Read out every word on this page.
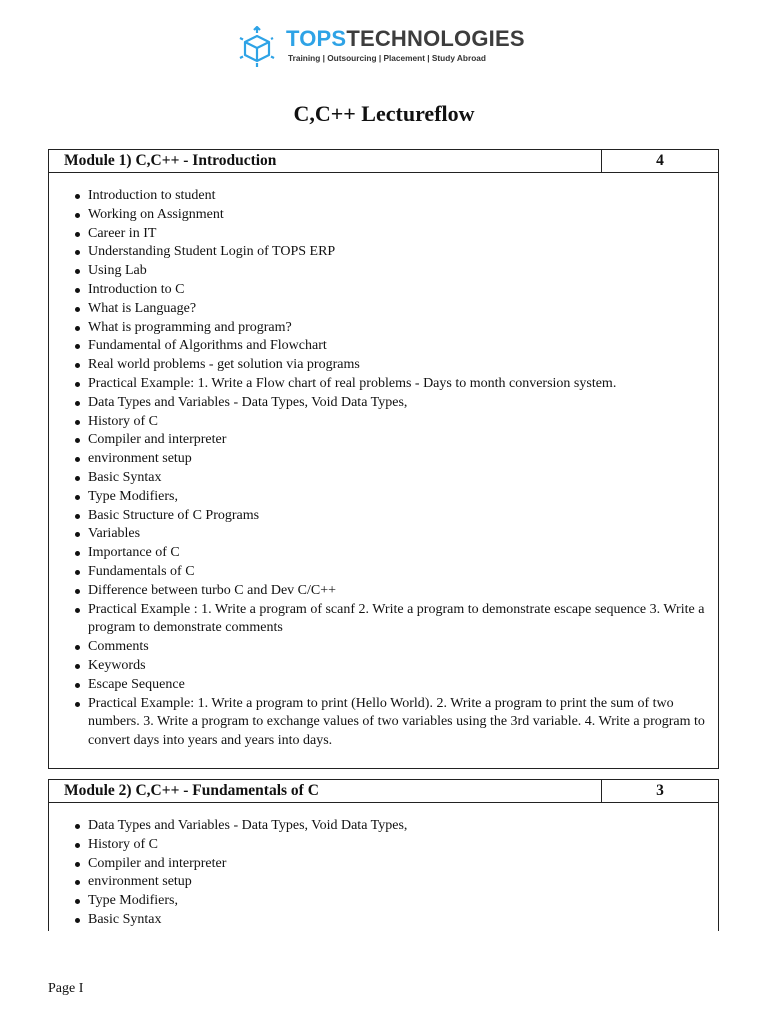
TOPSTECHNOLOGIES
Training | Outsourcing | Placement | Study Abroad
C,C++ Lectureflow
Module 1) C,C++ - Introduction	4
Introduction to student
Working on Assignment
Career in IT
Understanding Student Login of TOPS ERP
Using Lab
Introduction to C
What is Language?
What is programming and program?
Fundamental of Algorithms and Flowchart
Real world problems - get solution via programs
Practical Example: 1. Write a Flow chart of real problems - Days to month conversion system.
Data Types and Variables - Data Types, Void Data Types,
History of C
Compiler and interpreter
environment setup
Basic Syntax
Type Modifiers,
Basic Structure of C Programs
Variables
Importance of C
Fundamentals of C
Difference between turbo C and Dev C/C++
Practical Example : 1. Write a program of scanf 2. Write a program to demonstrate escape sequence 3. Write a program to demonstrate comments
Comments
Keywords
Escape Sequence
Practical Example: 1. Write a program to print (Hello World). 2. Write a program to print the sum of two numbers. 3. Write a program to exchange values of two variables using the 3rd variable. 4. Write a program to convert days into years and years into days.
Module 2) C,C++ - Fundamentals of C	3
Data Types and Variables - Data Types, Void Data Types,
History of C
Compiler and interpreter
environment setup
Type Modifiers,
Basic Syntax
Page I
